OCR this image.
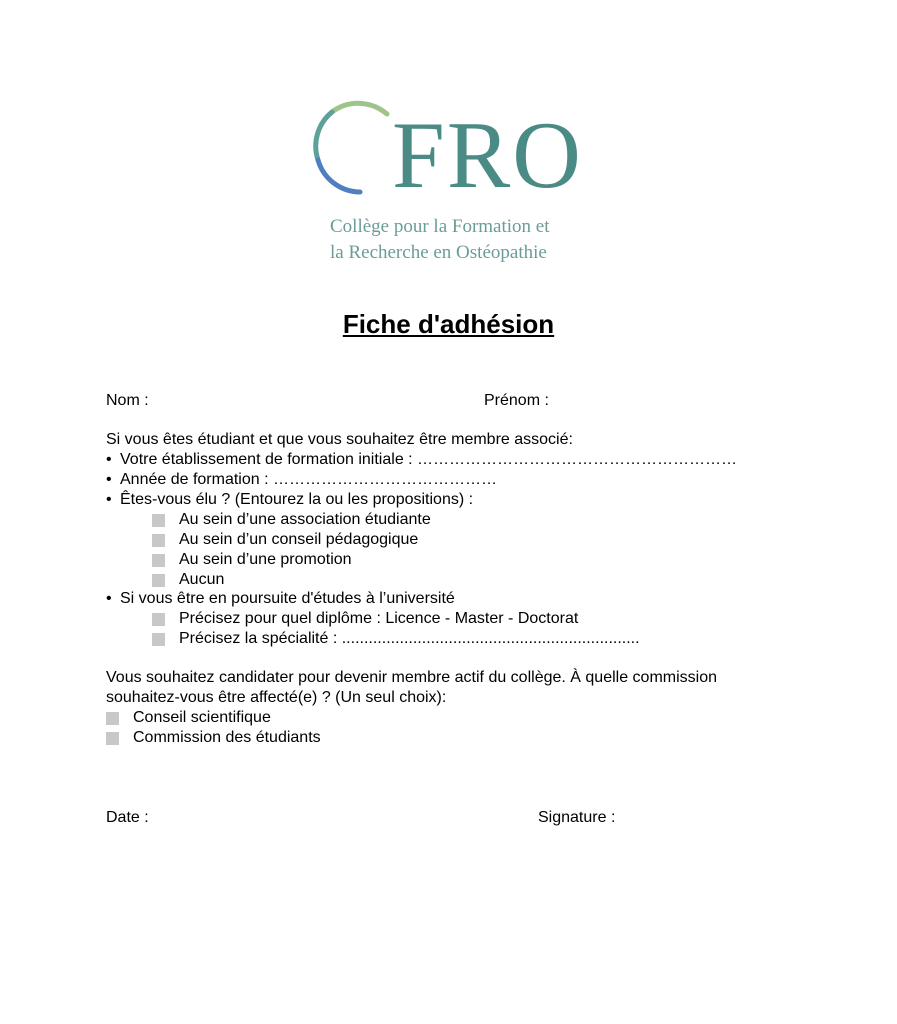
FRO
Collège pour la Formation et
la Recherche en Ostéopathie
Fiche d'adhésion
Nom :	Prénom :
Si vous êtes étudiant et que vous souhaitez être membre associé:
• Votre établissement de formation initiale : ……………………………………………………
• Année de formation : ……………………………………
• Êtes-vous élu ? (Entourez la ou les propositions) :
Au sein d’une association étudiante
Au sein d’un conseil pédagogique
Au sein d’une promotion
Aucun
• Si vous être en poursuite d'études à l’université
Précisez pour quel diplôme : Licence - Master - Doctorat
Précisez la spécialité : ...................................................................
Vous souhaitez candidater pour devenir membre actif du collège. À quelle commission
souhaitez-vous être affecté(e) ? (Un seul choix):
Conseil scientifique
Commission des étudiants
Date :	Signature :
